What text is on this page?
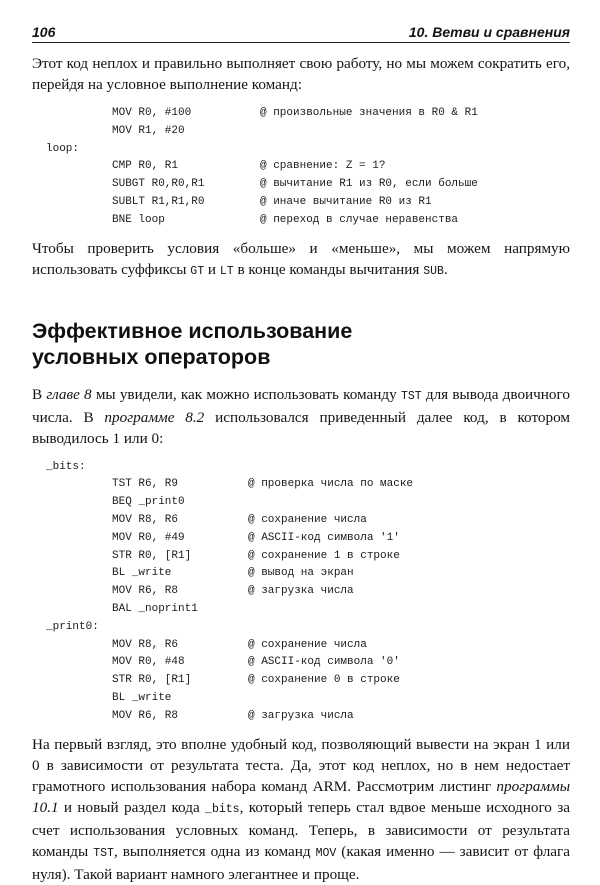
106	10. Ветви и сравнения

Этот код неплох и правильно выполняет свою работу, но мы можем сократить его, перейдя на условное выполнение команд:

MOV R0, #100	@ произвольные значения в R0 & R1
MOV R1, #20
loop:
CMP R0, R1	@ сравнение: Z = 1?
SUBGT R0,R0,R1	@ вычитание R1 из R0, если больше
SUBLT R1,R1,R0	@ иначе вычитание R0 из R1
BNE loop	@ переход в случае неравенства

Чтобы проверить условия «больше» и «меньше», мы можем напрямую использовать суффиксы GT и LT в конце команды вычитания SUB.

Эффективное использование
условных операторов

В главе 8 мы увидели, как можно использовать команду TST для вывода двоичного числа. В программе 8.2 использовался приведенный далее код, в котором выводилось 1 или 0:

_bits:
TST R6, R9	@ проверка числа по маске
BEQ _print0
MOV R8, R6	@ сохранение числа
MOV R0, #49	@ ASCII-код символа '1'
STR R0, [R1]	@ сохранение 1 в строке
BL _write	@ вывод на экран
MOV R6, R8	@ загрузка числа
BAL _noprint1
_print0:
MOV R8, R6	@ сохранение числа
MOV R0, #48	@ ASCII-код символа '0'
STR R0, [R1]	@ сохранение 0 в строке
BL _write
MOV R6, R8	@ загрузка числа

На первый взгляд, это вполне удобный код, позволяющий вывести на экран 1 или 0 в зависимости от результата теста. Да, этот код неплох, но в нем недостает грамотного использования набора команд ARM. Рассмотрим листинг программы 10.1 и новый раздел кода _bits, который теперь стал вдвое меньше исходного за счет использования условных команд. Теперь, в зависимости от результата команды TST, выполняется одна из команд MOV (какая именно — зависит от флага нуля). Такой вариант намного элегантнее и проще.
